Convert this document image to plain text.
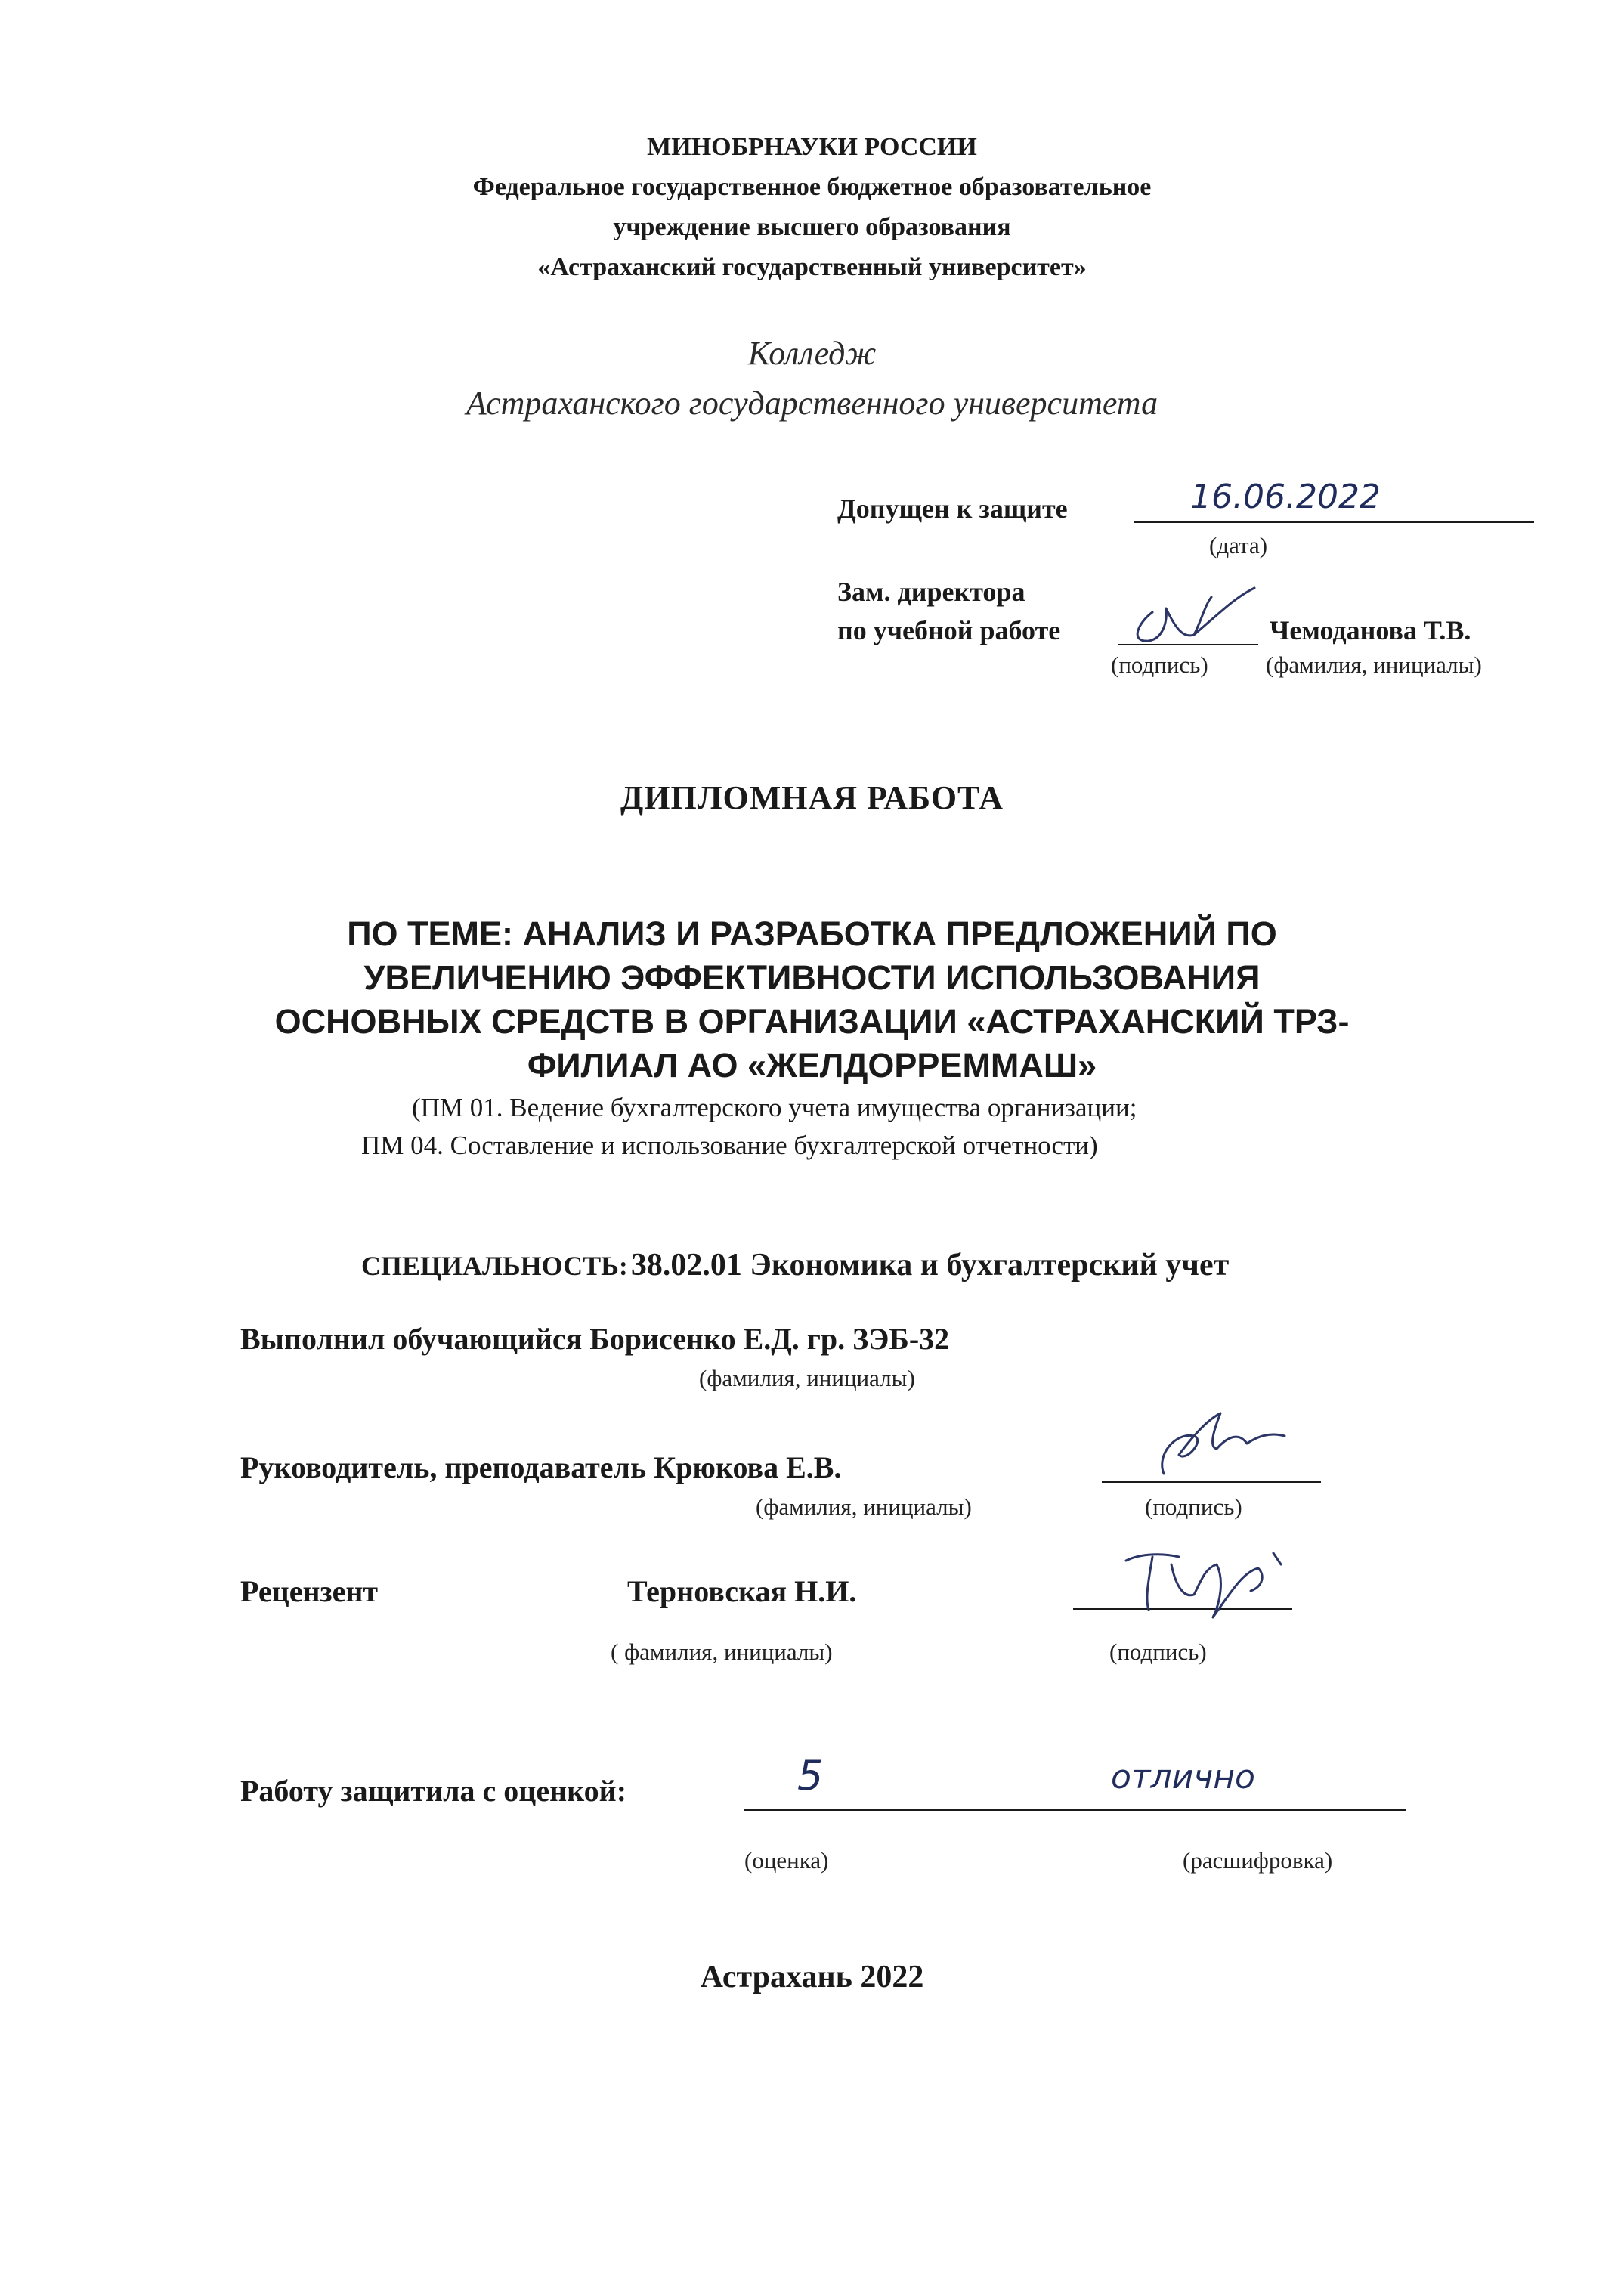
МИНОБРНАУКИ РОССИИ
Федеральное государственное бюджетное образовательное
учреждение высшего образования
«Астраханский государственный университет»
Колледж
Астраханского государственного университета
Допущен к защите	16.06.2022
(дата)
Зам. директора
по учебной работе	Чемоданова Т.В.
(подпись) (фамилия, инициалы)
ДИПЛОМНАЯ РАБОТА
ПО ТЕМЕ: АНАЛИЗ И РАЗРАБОТКА ПРЕДЛОЖЕНИЙ ПО
УВЕЛИЧЕНИЮ ЭФФЕКТИВНОСТИ ИСПОЛЬЗОВАНИЯ
ОСНОВНЫХ СРЕДСТВ В ОРГАНИЗАЦИИ «АСТРАХАНСКИЙ ТРЗ-
ФИЛИАЛ АО «ЖЕЛДОРРЕММАШ»
(ПМ 01. Ведение бухгалтерского учета имущества организации;
ПМ 04. Составление и использование бухгалтерской отчетности)
СПЕЦИАЛЬНОСТЬ: 38.02.01 Экономика и бухгалтерский учет
Выполнил обучающийся Борисенко Е.Д. гр. ЗЭБ-32
(фамилия, инициалы)
Руководитель, преподаватель Крюкова Е.В.
(фамилия, инициалы)	(подпись)
Рецензент	Терновская Н.И.
( фамилия, инициалы)	(подпись)
Работу защитила с оценкой:	5	отлично
(оценка)	(расшифровка)
Астрахань 2022
